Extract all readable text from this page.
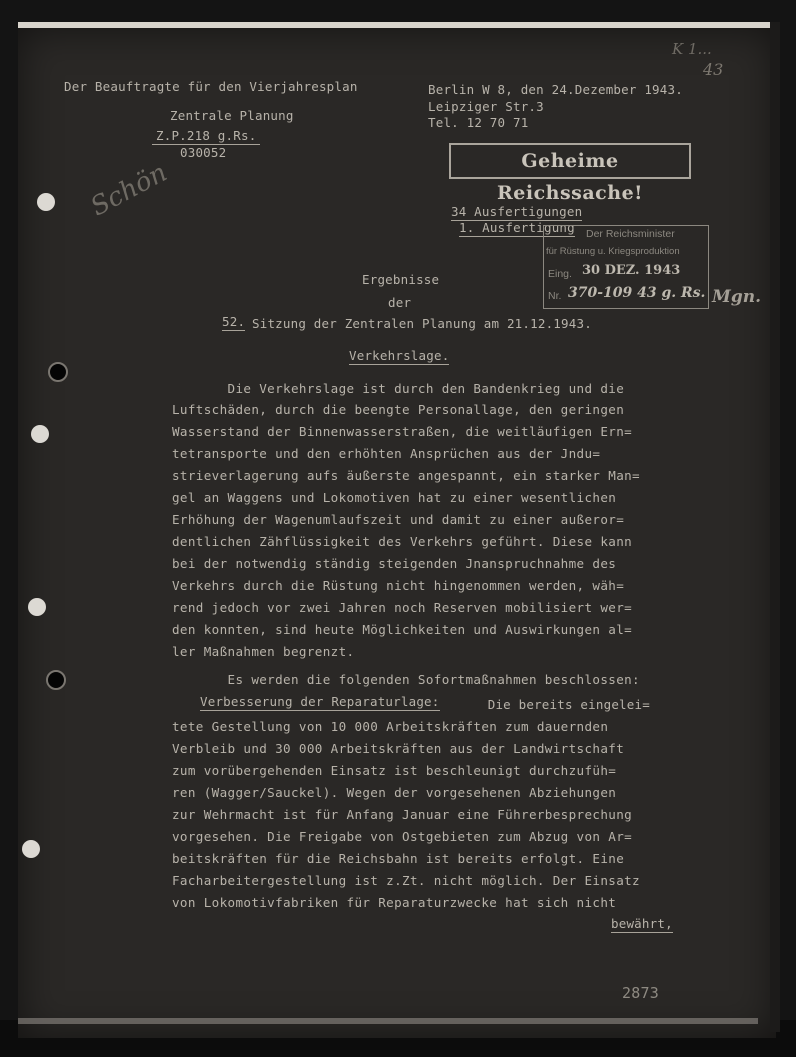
K 1...
43
Der Beauftragte für den Vierjahresplan
Zentrale Planung
Z.P.218 g.Rs.
030052
Berlin W 8, den 24.Dezember 1943.
Leipziger Str.3
Tel. 12 70 71
Geheime Reichssache!
34 Ausfertigungen
1. Ausfertigung Der Reichsminister
für Rüstung u. Kriegsproduktion
Eing. 30 DEZ. 1943
Nr. 370-109 43 g. Rs. Mgn.
Schön
Ergebnisse
der
52. Sitzung der Zentralen Planung am 21.12.1943.
Verkehrslage.
Die Verkehrslage ist durch den Bandenkrieg und die
Luftschäden, durch die beengte Personallage, den geringen
Wasserstand der Binnenwasserstraßen, die weitläufigen Ern=
tetransporte und den erhöhten Ansprüchen aus der Jndu=
strieverlagerung aufs äußerste angespannt, ein starker Man=
gel an Waggens und Lokomotiven hat zu einer wesentlichen
Erhöhung der Wagenumlaufszeit und damit zu einer außeror=
dentlichen Zähflüssigkeit des Verkehrs geführt. Diese kann
bei der notwendig ständig steigenden Jnanspruchnahme des
Verkehrs durch die Rüstung nicht hingenommen werden, wäh=
rend jedoch vor zwei Jahren noch Reserven mobilisiert wer=
den konnten, sind heute Möglichkeiten und Auswirkungen al=
ler Maßnahmen begrenzt.
Es werden die folgenden Sofortmaßnahmen beschlossen:
Verbesserung der Reparaturlage:	Die bereits eingelei=
tete Gestellung von 10 000 Arbeitskräften zum dauernden
Verbleib und 30 000 Arbeitskräften aus der Landwirtschaft
zum vorübergehenden Einsatz ist beschleunigt durchzufüh=
ren (Wagger/Sauckel). Wegen der vorgesehenen Abziehungen
zur Wehrmacht ist für Anfang Januar eine Führerbesprechung
vorgesehen. Die Freigabe von Ostgebieten zum Abzug von Ar=
beitskräften für die Reichsbahn ist bereits erfolgt. Eine
Facharbeitergestellung ist z.Zt. nicht möglich. Der Einsatz
von Lokomotivfabriken für Reparaturzwecke hat sich nicht
bewährt,
2873
